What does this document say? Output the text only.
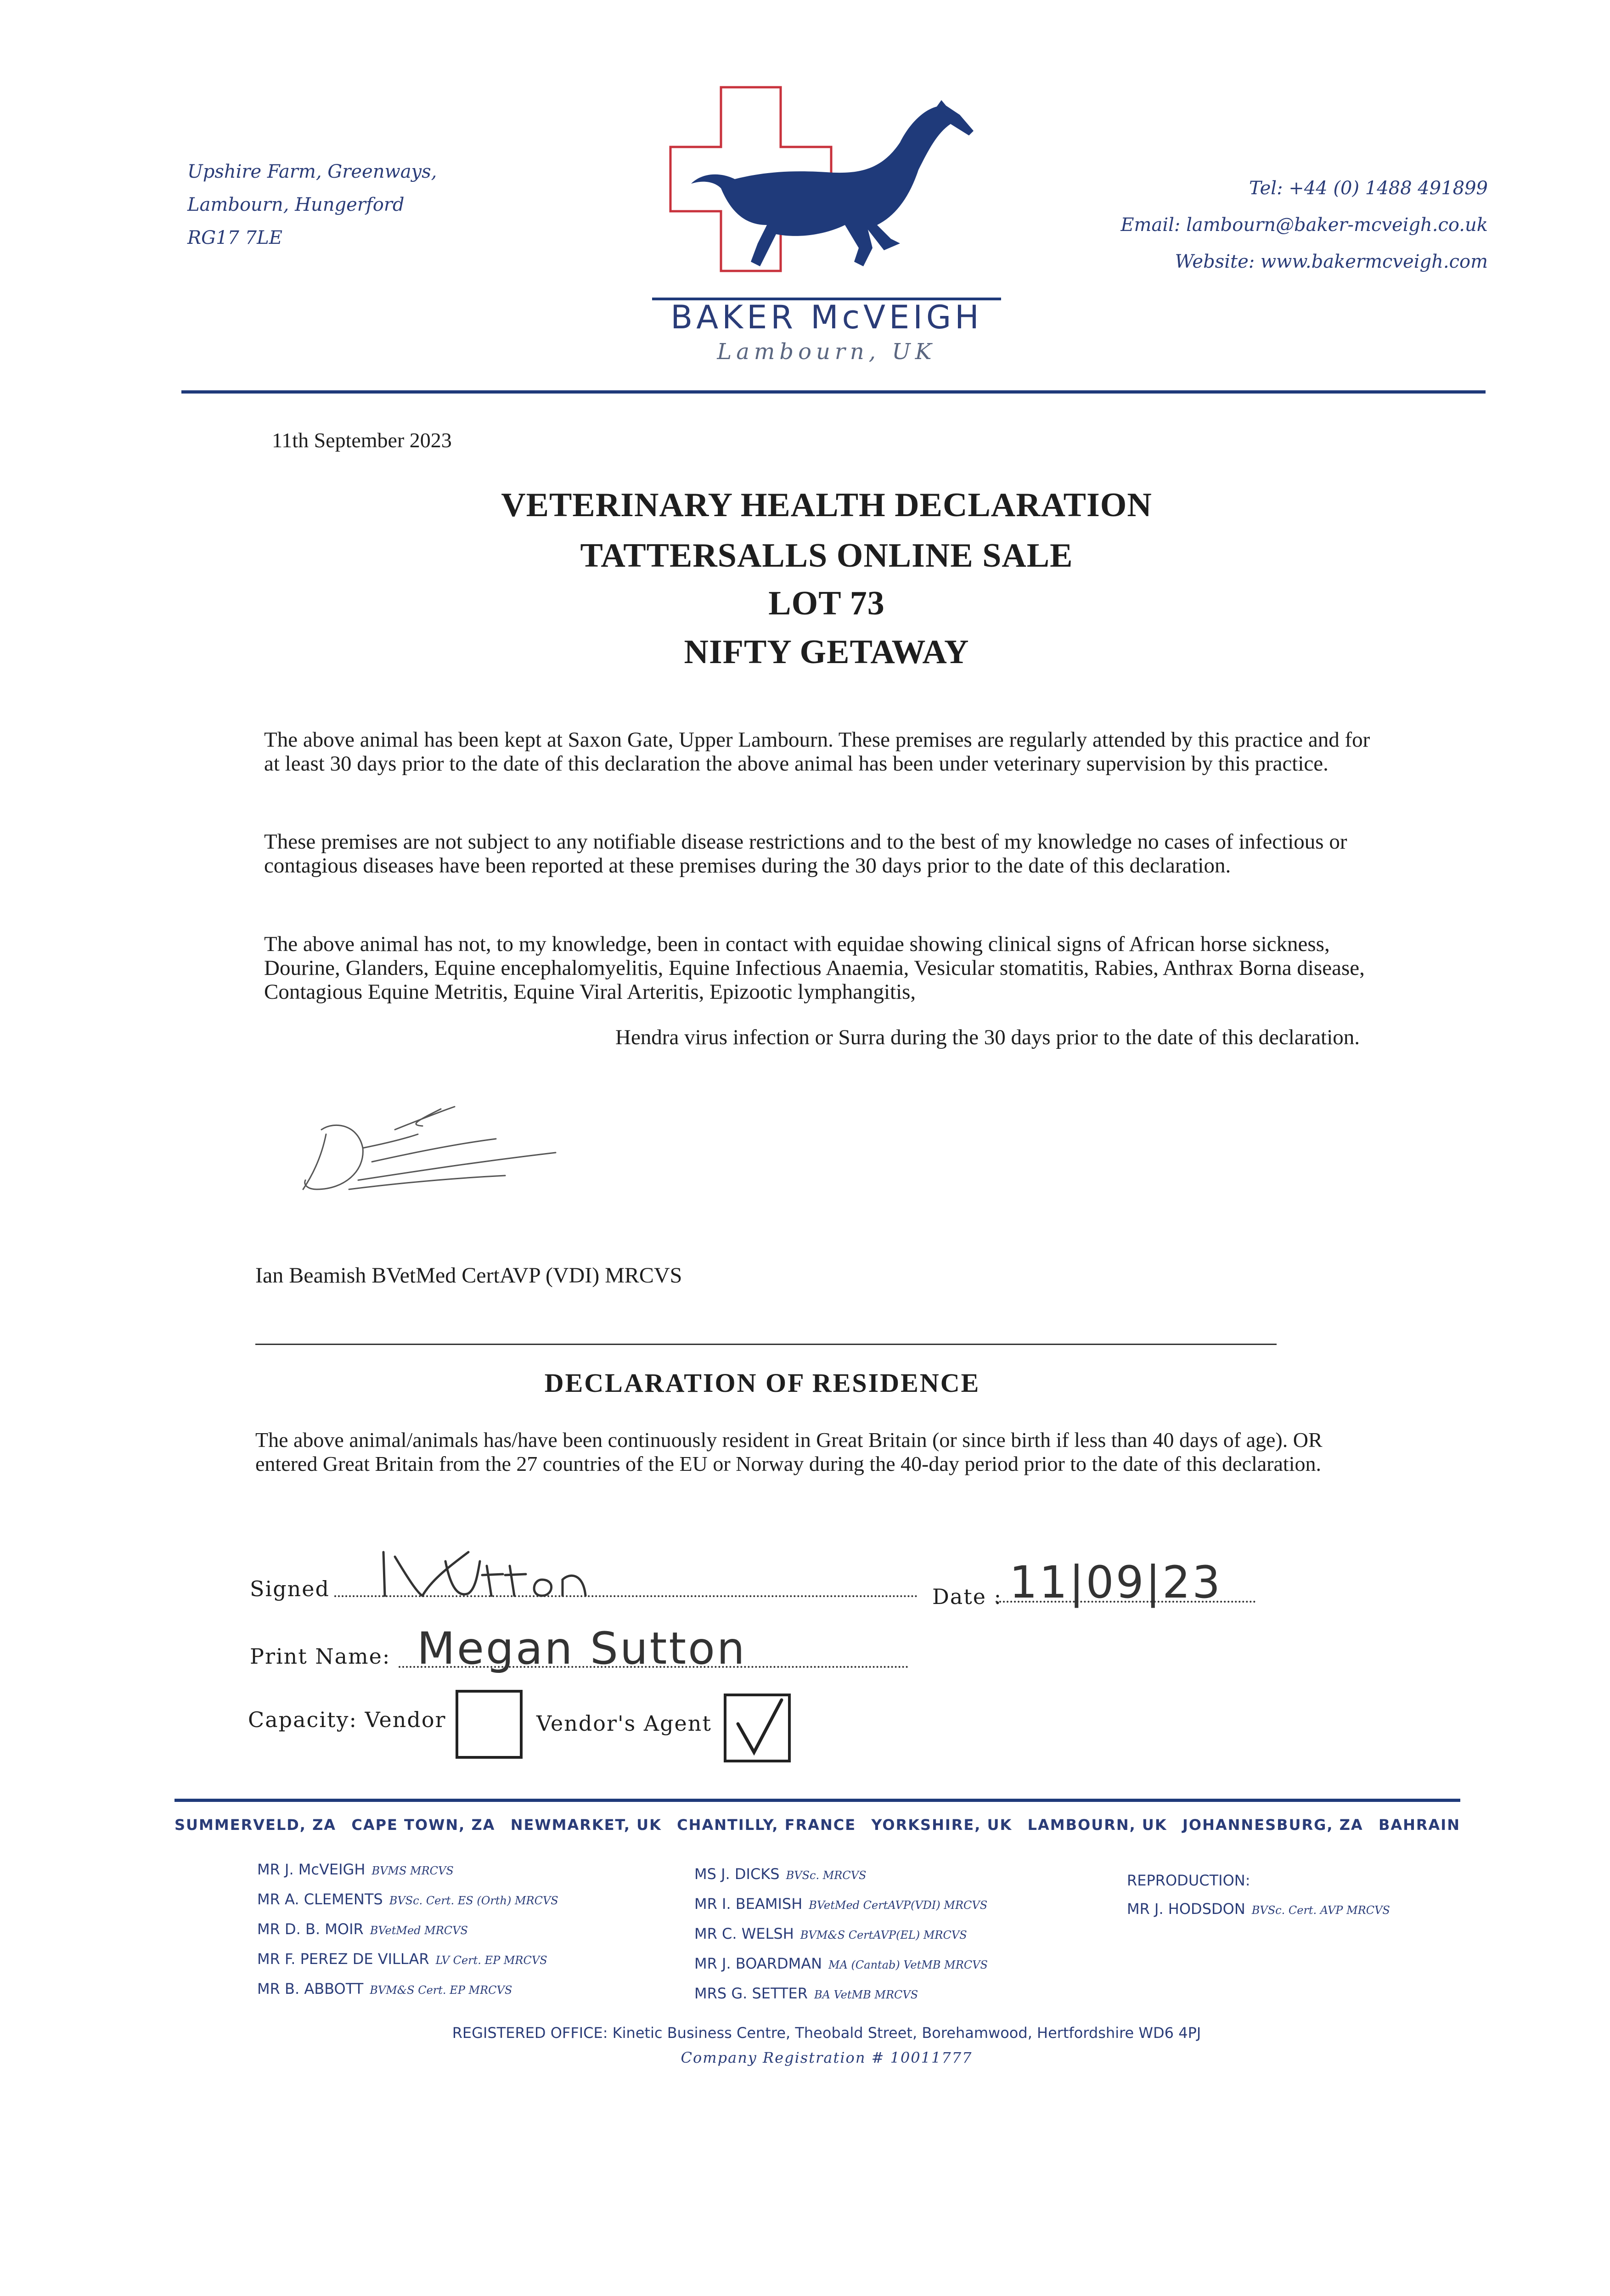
Upshire Farm, Greenways,
Lambourn, Hungerford
RG17 7LE
BAKER McVEIGH
Lambourn, UK
Tel: +44 (0) 1488 491899
Email: lambourn@baker-mcveigh.co.uk
Website: www.bakermcveigh.com
11th September 2023
VETERINARY HEALTH DECLARATION
TATTERSALLS ONLINE SALE
LOT 73
NIFTY GETAWAY
The above animal has been kept at Saxon Gate, Upper Lambourn. These premises are regularly attended by this practice and for at least 30 days prior to the date of this declaration the above animal has been under veterinary supervision by this practice.
These premises are not subject to any notifiable disease restrictions and to the best of my knowledge no cases of infectious or contagious diseases have been reported at these premises during the 30 days prior to the date of this declaration.
The above animal has not, to my knowledge, been in contact with equidae showing clinical signs of African horse sickness, Dourine, Glanders, Equine encephalomyelitis, Equine Infectious Anaemia, Vesicular stomatitis, Rabies, Anthrax Borna disease, Contagious Equine Metritis, Equine Viral Arteritis, Epizootic lymphangitis,
Hendra virus infection or Surra during the 30 days prior to the date of this declaration.
Ian Beamish BVetMed CertAVP (VDI) MRCVS
DECLARATION OF RESIDENCE
The above animal/animals has/have been continuously resident in Great Britain (or since birth if less than 40 days of age). OR entered Great Britain from the 27 countries of the EU or Norway during the 40-day period prior to the date of this declaration.
Signed	Date : 11|09|23
Print Name: Megan Sutton
Capacity: Vendor	Vendor's Agent
SUMMERVELD, ZA CAPE TOWN, ZA NEWMARKET, UK CHANTILLY, FRANCE YORKSHIRE, UK LAMBOURN, UK JOHANNESBURG, ZA BAHRAIN
MR J. McVEIGH BVMS MRCVS
MR A. CLEMENTS BVSc. Cert. ES (Orth) MRCVS
MR D. B. MOIR BVetMed MRCVS
MR F. PEREZ DE VILLAR LV Cert. EP MRCVS
MR B. ABBOTT BVM&S Cert. EP MRCVS
MS J. DICKS BVSc. MRCVS
MR I. BEAMISH BVetMed CertAVP(VDI) MRCVS
MR C. WELSH BVM&S CertAVP(EL) MRCVS
MR J. BOARDMAN MA (Cantab) VetMB MRCVS
MRS G. SETTER BA VetMB MRCVS
REPRODUCTION:
MR J. HODSDON BVSc. Cert. AVP MRCVS
REGISTERED OFFICE: Kinetic Business Centre, Theobald Street, Borehamwood, Hertfordshire WD6 4PJ
Company Registration # 10011777
